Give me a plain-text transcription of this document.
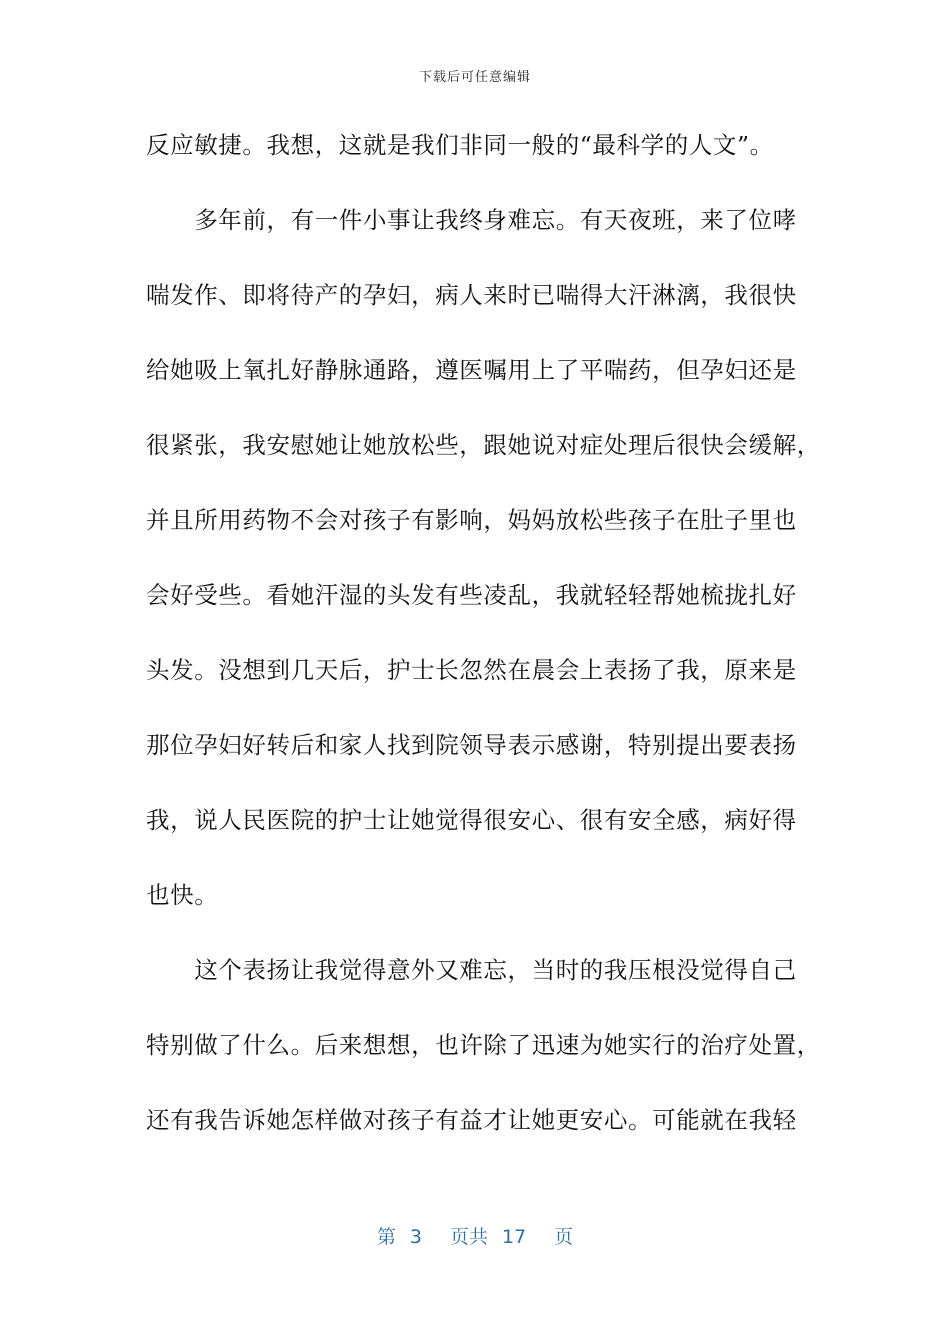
下载后可任意编辑
反应敏捷。我想，这就是我们非同一般的“最科学的人文”。
　　多年前，有一件小事让我终身难忘。有天夜班，来了位哮
喘发作、即将待产的孕妇，病人来时已喘得大汗淋漓，我很快
给她吸上氧扎好静脉通路，遵医嘱用上了平喘药，但孕妇还是
很紧张，我安慰她让她放松些，跟她说对症处理后很快会缓解，
并且所用药物不会对孩子有影响，妈妈放松些孩子在肚子里也
会好受些。看她汗湿的头发有些凌乱，我就轻轻帮她梳拢扎好
头发。没想到几天后，护士长忽然在晨会上表扬了我，原来是
那位孕妇好转后和家人找到院领导表示感谢，特别提出要表扬
我，说人民医院的护士让她觉得很安心、很有安全感，病好得
也快。
　　这个表扬让我觉得意外又难忘，当时的我压根没觉得自己
特别做了什么。后来想想，也许除了迅速为她实行的治疗处置，
还有我告诉她怎样做对孩子有益才让她更安心。可能就在我轻
第 3 页共 17 页
